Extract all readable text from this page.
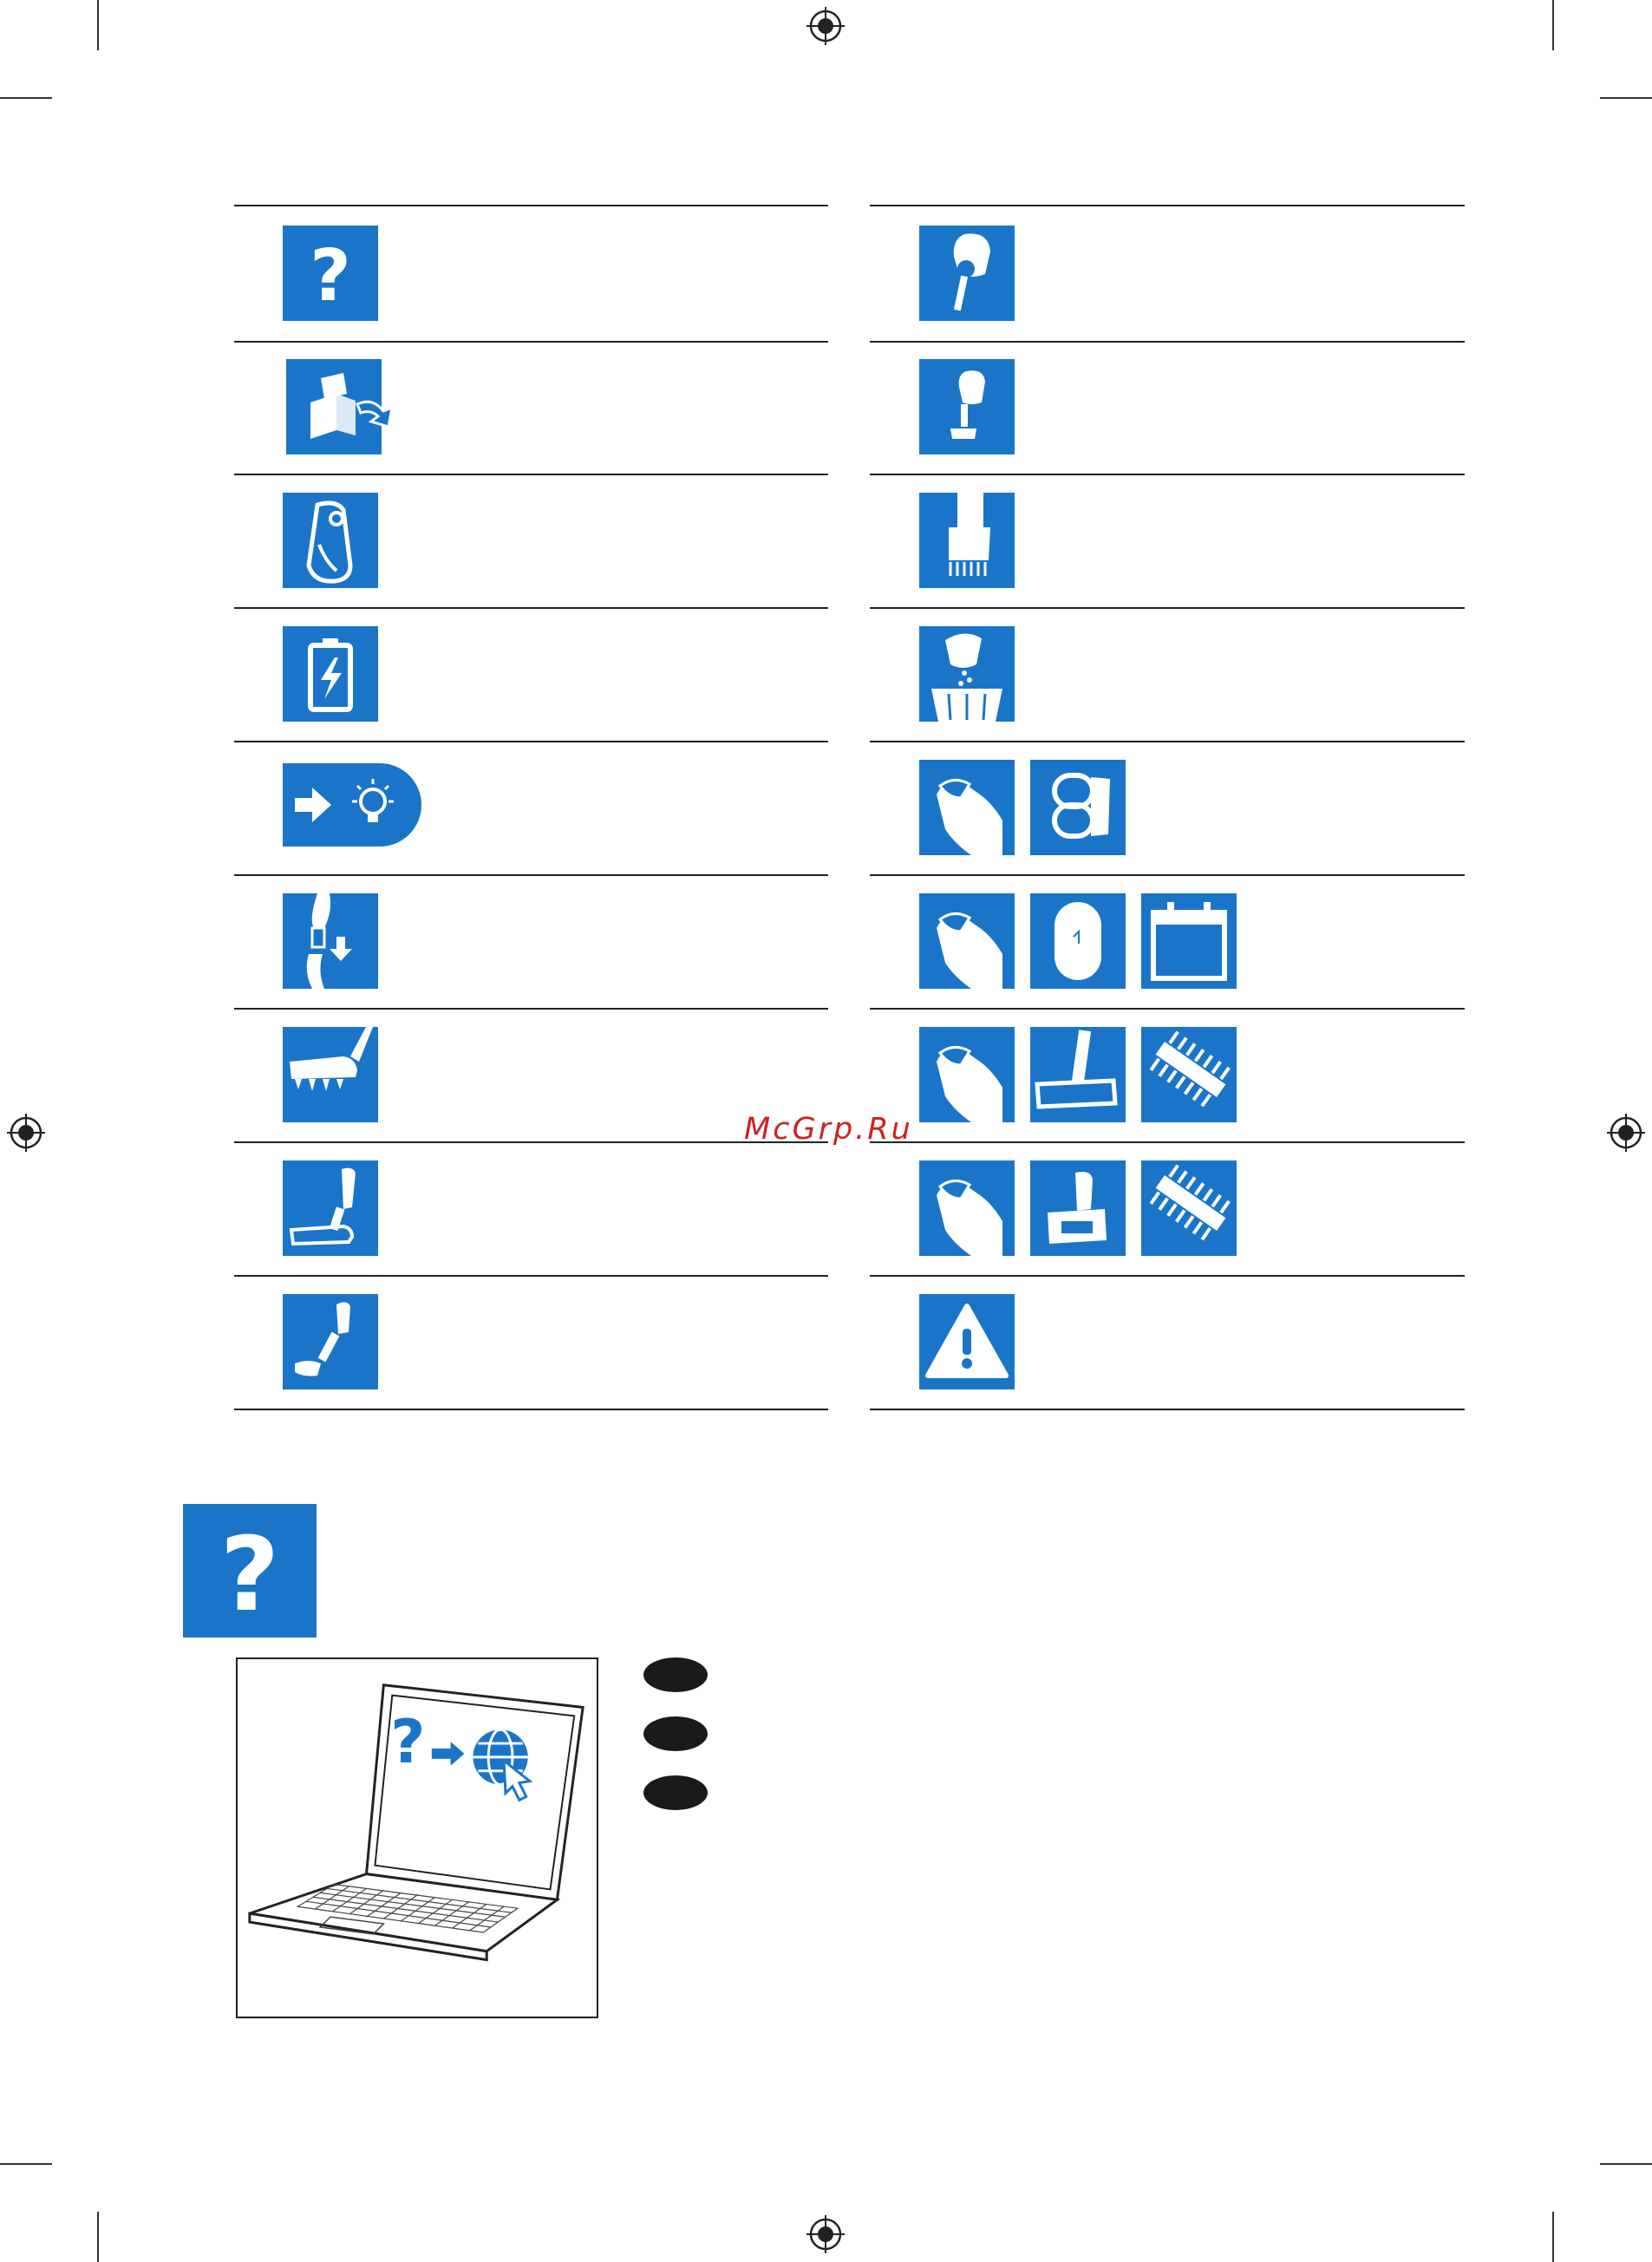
?
McGrp.Ru
?
?
